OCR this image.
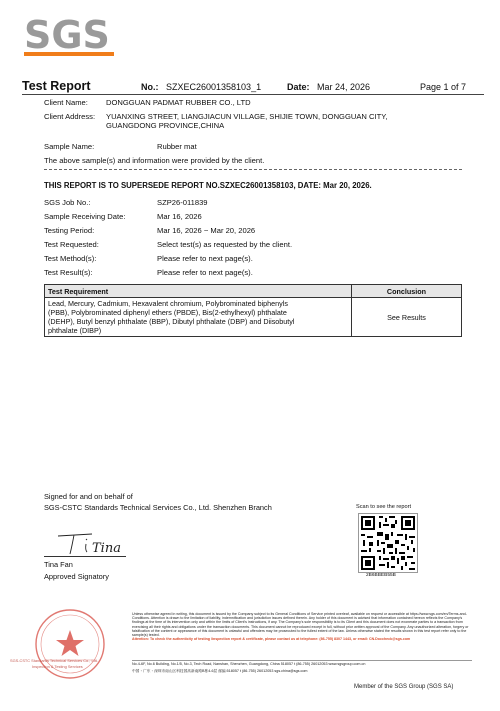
SGS
Test Report	No.: SZXEC26001358103_1	Date: Mar 24, 2026	Page 1 of 7
Client Name: DONGGUAN PADMAT RUBBER CO., LTD
Client Address: YUANXING STREET, LIANGJIACUN VILLAGE, SHIJIE TOWN, DONGGUAN CITY,
GUANGDONG PROVINCE,CHINA
Sample Name:	Rubber mat
The above sample(s) and information were provided by the client.
THIS REPORT IS TO SUPERSEDE REPORT NO.SZXEC26001358103, DATE: Mar 20, 2026.
SGS Job No.:	SZP26-011839
Sample Receiving Date:	Mar 16, 2026
Testing Period:	Mar 16, 2026 ~ Mar 20, 2026
Test Requested:	Select test(s) as requested by the client.
Test Method(s):	Please refer to next page(s).
Test Result(s):	Please refer to next page(s).
Test Requirement	Conclusion

Lead, Mercury, Cadmium, Hexavalent chromium, Polybrominated biphenyls
(PBB), Polybrominated diphenyl ethers (PBDE), Bis(2-ethylhexyl) phthalate
(DEHP), Butyl benzyl phthalate (BBP), Dibutyl phthalate (DBP) and Diisobutyl
phthalate (DIBP)	See Results
Signed for and on behalf of
SGS-CSTC Standards Technical Services Co., Ltd. Shenzhen Branch
Tina
Tina Fan
Approved Signatory
Scan to see the report
2B6BBEB55B
SGS-CSTC Standards Technical Services Co., Ltd.
Inspection & Testing Services
Unless otherwise agreed in writing, this document is issued by the Company subject to its General Conditions of Service printed overleaf, available on request or accessible at https://www.sgs.com/en/Terms-and-Conditions. Attention is drawn to the limitation of liability, indemnification and jurisdiction issues defined therein. Any holder of this document is advised that information contained hereon reflects the Company's findings at the time of its intervention only and within the limits of Client's instructions, if any. The Company's sole responsibility is to its Client and this document does not exonerate parties to a transaction from exercising all their rights and obligations under the transaction documents. This document cannot be reproduced except in full, without prior written approval of the Company. Any unauthorized alteration, forgery or falsification of the content or appearance of this document is unlawful and offenders may be prosecuted to the fullest extent of the law. Unless otherwise stated the results shown in this test report refer only to the sample(s) tested.
Attention: To check the authenticity of testing /inspection report & certificate, please contact us at telephone: (86-755) 8307 1443, or email: CN.Doccheck@sgs.com
No.4-6F, No.6 Building, No.1/5, No.3, Tech Road, Nanshan, Shenzhen, Guangdong, China 518057 t (86-755) 26012053 www.sgsgroup.com.cn
中国・广东・深圳市南山区科技园高新南路B栋4-6层 邮编:518057 t (86-755) 26012053 sgs.china@sgs.com
Member of the SGS Group (SGS SA)
